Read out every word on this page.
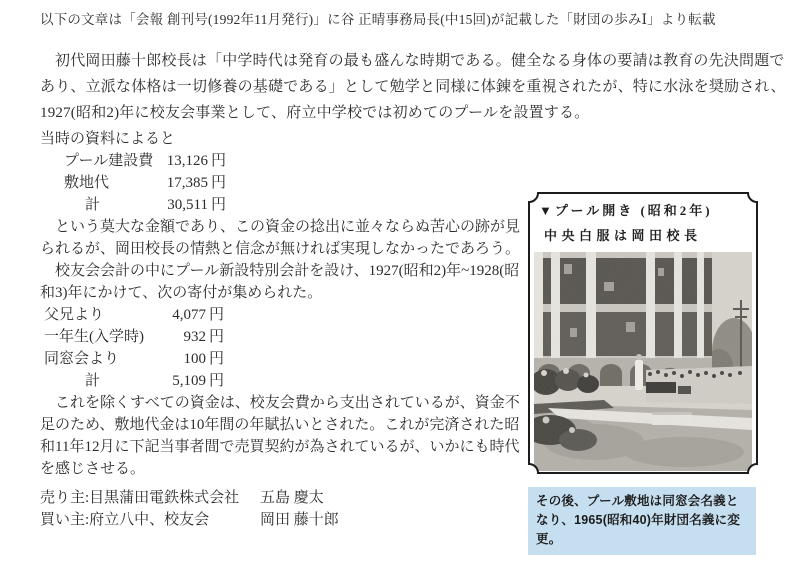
以下の文章は「会報 創刊号(1992年11月発行)」に谷 正晴事務局長(中15回)が記載した「財団の歩みⅠ」より転載

初代岡田藤十郎校長は「中学時代は発育の最も盛んな時期である。健全なる身体の要請は教育の先決問題であり、立派な体格は一切修養の基礎である」として勉学と同様に体錬を重視されたが、特に水泳を奨励され、1927(昭和2)年に校友会事業として、府立中学校では初めてのプールを設置する。

当時の資料によると

プール建設費 13,126 円
敷地代	17,385 円
計	30,511 円

という莫大な金額であり、この資金の捻出に並々ならぬ苦心の跡が見られるが、岡田校長の情熱と信念が無ければ実現しなかったであろう。

校友会会計の中にプール新設特別会計を設け、1927(昭和2)年~1928(昭和3)年にかけて、次の寄付が集められた。

父兄より	4,077 円
一年生(入学時)	932 円
同窓会より	100 円
計	5,109 円

これを除くすべての資金は、校友会費から支出されているが、資金不足のため、敷地代金は10年間の年賦払いとされた。これが完済された昭和11年12月に下記当事者間で売買契約が為されているが、いかにも時代を感じさせる。

売り主:目黒蒲田電鉄株式会社	五島 慶太
買い主:府立八中、校友会	岡田 藤十郎
▼プール開き (昭和2年)
中央白服は岡田校長
その後、プール敷地は同窓会名義となり、1965(昭和40)年財団名義に変更。
